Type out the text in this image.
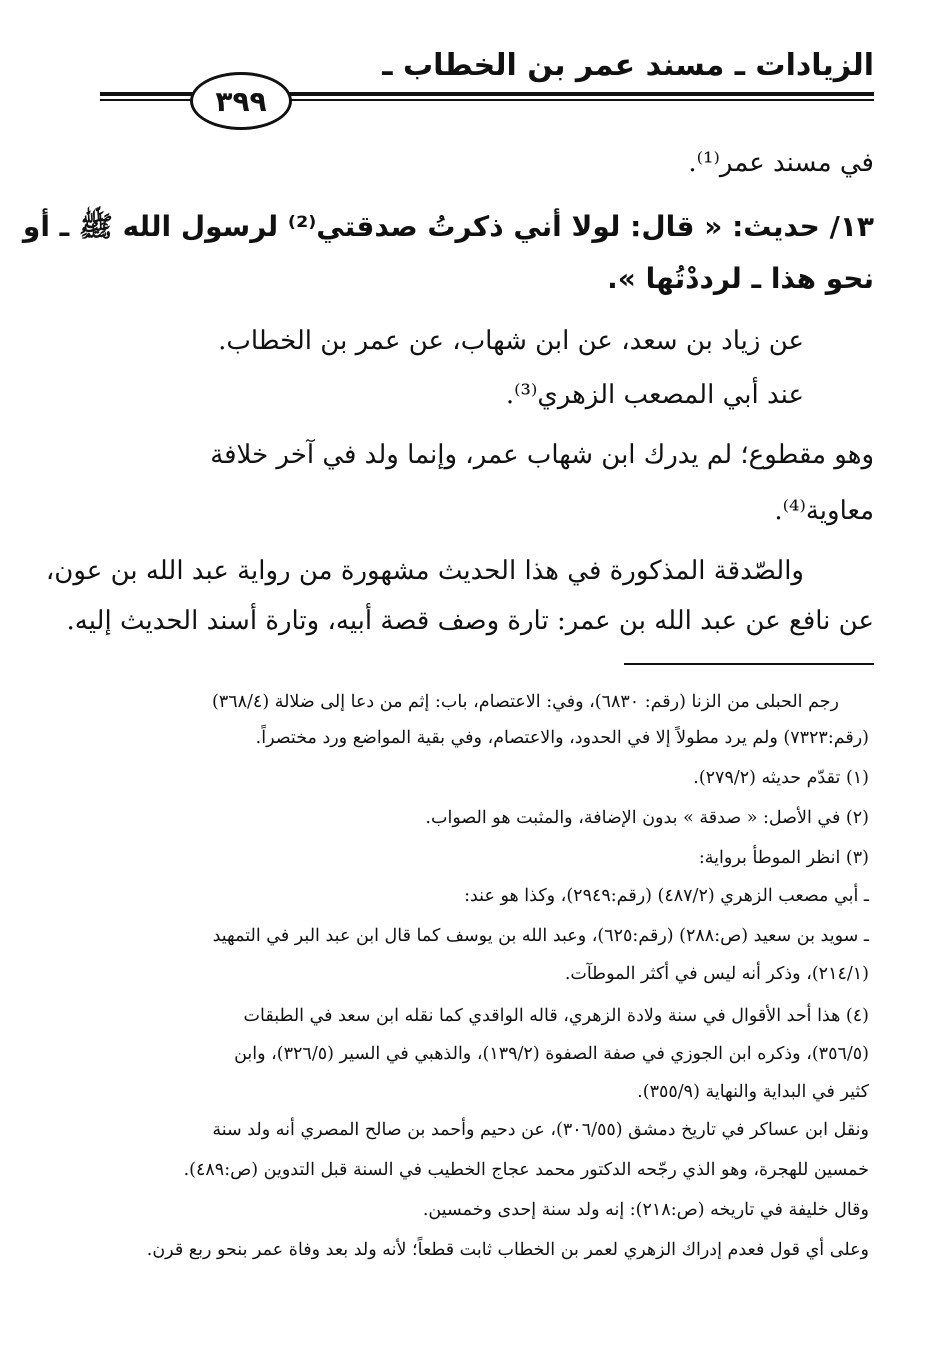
الزيادات ـ مسند عمر بن الخطاب ـ
٣٩٩
في مسند عمر⁽¹⁾.
١٣/ حديث: « قال: لولا أني ذكرتُ صدقتي⁽²⁾ لرسول الله ﷺ ـ أو
نحو هذا ـ لرددْتُها ».
عن زياد بن سعد، عن ابن شهاب، عن عمر بن الخطاب.
عند أبي المصعب الزهري⁽³⁾.
وهو مقطوع؛ لم يدرك ابن شهاب عمر، وإنما ولد في آخر خلافة
معاوية⁽⁴⁾.
والصّدقة المذكورة في هذا الحديث مشهورة من رواية عبد الله بن عون،
عن نافع عن عبد الله بن عمر: تارة وصف قصة أبيه، وتارة أسند الحديث إليه.
رجم الحبلى من الزنا (رقم: ٦٨٣٠)، وفي: الاعتصام، باب: إثم من دعا إلى ضلالة (٣٦٨/٤)
(رقم:٧٣٢٣) ولم يرد مطولاً إلا في الحدود، والاعتصام، وفي بقية المواضع ورد مختصراً.
(١) تقدّم حديثه (٢٧٩/٢).
(٢) في الأصل: « صدقة » بدون الإضافة، والمثبت هو الصواب.
(٣) انظر الموطأ برواية:
ـ أبي مصعب الزهري (٤٨٧/٢) (رقم:٢٩٤٩)، وكذا هو عند:
ـ سويد بن سعيد (ص:٢٨٨) (رقم:٦٢٥)، وعبد الله بن يوسف كما قال ابن عبد البر في التمهيد
(٢١٤/١)، وذكر أنه ليس في أكثر الموطآت.
(٤) هذا أحد الأقوال في سنة ولادة الزهري، قاله الواقدي كما نقله ابن سعد في الطبقات
(٣٥٦/٥)، وذكره ابن الجوزي في صفة الصفوة (١٣٩/٢)، والذهبي في السير (٣٢٦/٥)، وابن
كثير في البداية والنهاية (٣٥٥/٩).
ونقل ابن عساكر في تاريخ دمشق (٣٠٦/٥٥)، عن دحيم وأحمد بن صالح المصري أنه ولد سنة
خمسين للهجرة، وهو الذي رجّحه الدكتور محمد عجاج الخطيب في السنة قبل التدوين (ص:٤٨٩).
وقال خليفة في تاريخه (ص:٢١٨): إنه ولد سنة إحدى وخمسين.
وعلى أي قول فعدم إدراك الزهري لعمر بن الخطاب ثابت قطعاً؛ لأنه ولد بعد وفاة عمر بنحو ربع قرن.
